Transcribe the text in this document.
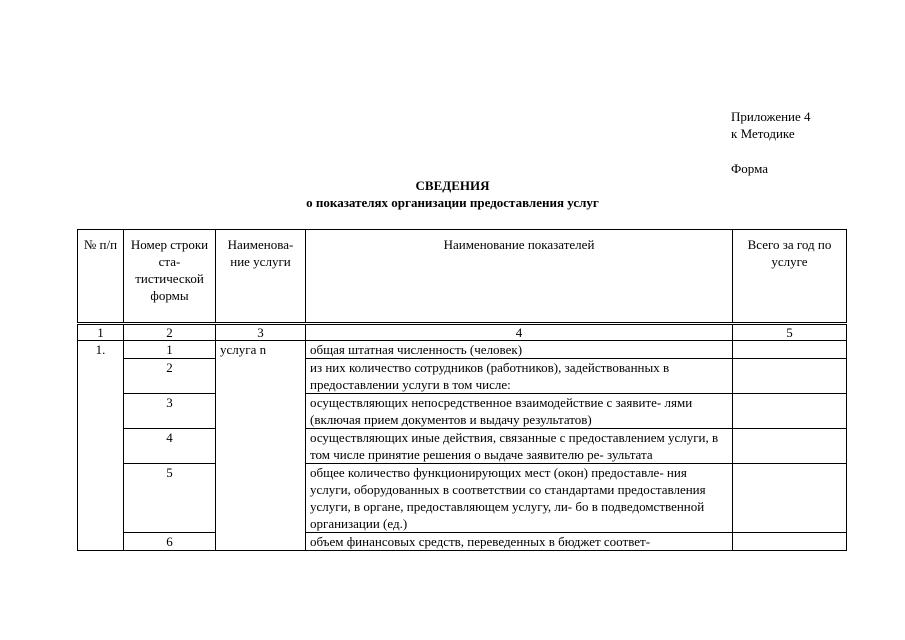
Приложение 4
к Методике
Форма
СВЕДЕНИЯ
о показателях организации предоставления услуг
№ п/п	Номер строки ста- тистической формы	Наименова- ние услуги	Наименование показателей	Всего за год по услуге
1	2	3	4	5
1.	1	услуга n	общая штатная численность (человек)	
	2		из них количество сотрудников (работников), задействованных в предоставлении услуги в том числе:	
	3		осуществляющих непосредственное взаимодействие с заявите- лями (включая прием документов и выдачу результатов)	
	4		осуществляющих иные действия, связанные с предоставлением услуги, в том числе принятие решения о выдаче заявителю ре- зультата	
	5		общее количество функционирующих мест (окон) предоставле- ния услуги, оборудованных в соответствии со стандартами предоставления услуги, в органе, предоставляющем услугу, ли- бо в подведомственной организации (ед.)	
	6		объем финансовых средств, переведенных в бюджет соответ-	
